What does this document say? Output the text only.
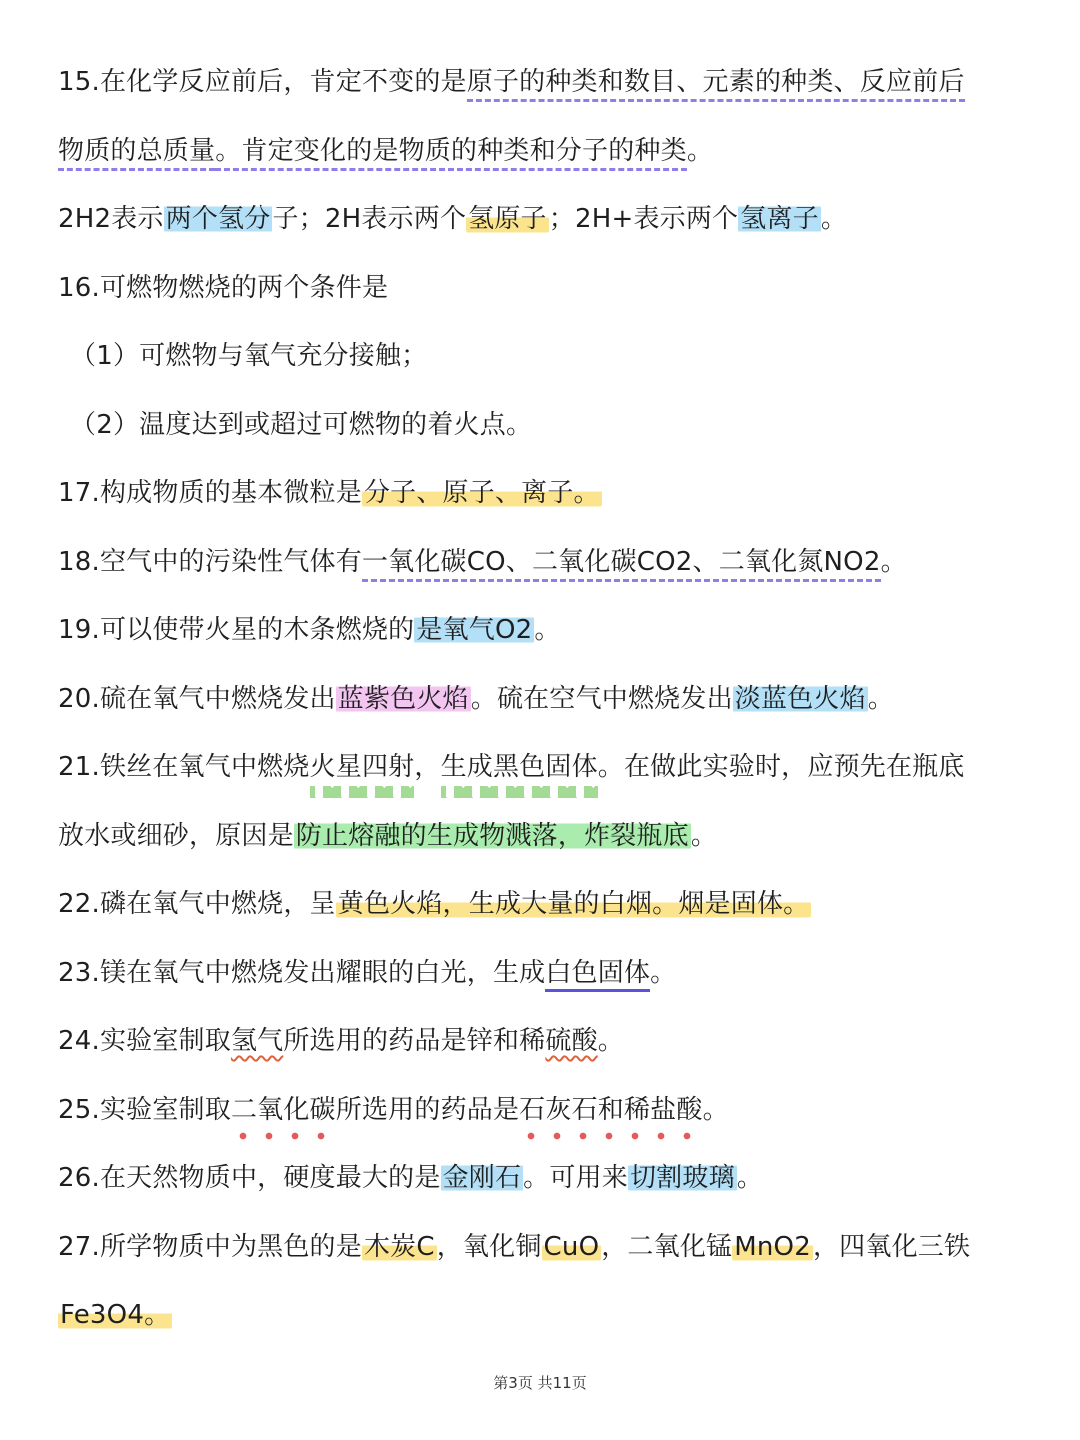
15.在化学反应前后，肯定不变的是原子的种类和数目、元素的种类、反应前后
物质的总质量。肯定变化的是物质的种类和分子的种类。
2H2表示两个氢分子；2H表示两个氢原子；2H+表示两个氢离子。
16.可燃物燃烧的两个条件是
（1）可燃物与氧气充分接触；
（2）温度达到或超过可燃物的着火点。
17.构成物质的基本微粒是分子、原子、离子。
18.空气中的污染性气体有一氧化碳CO、二氧化碳CO2、二氧化氮NO2。
19.可以使带火星的木条燃烧的是氧气O2。
20.硫在氧气中燃烧发出蓝紫色火焰。硫在空气中燃烧发出淡蓝色火焰。
21.铁丝在氧气中燃烧火星四射，生成黑色固体。在做此实验时，应预先在瓶底
放水或细砂，原因是防止熔融的生成物溅落，炸裂瓶底。
22.磷在氧气中燃烧，呈黄色火焰，生成大量的白烟。烟是固体。
23.镁在氧气中燃烧发出耀眼的白光，生成白色固体。
24.实验室制取氢气所选用的药品是锌和稀硫酸。
25.实验室制取二氧化碳所选用的药品是石灰石和稀盐酸。
26.在天然物质中，硬度最大的是金刚石。可用来切割玻璃。
27.所学物质中为黑色的是木炭C，氧化铜CuO，二氧化锰MnO2，四氧化三铁
Fe3O4。
第3页 共11页
